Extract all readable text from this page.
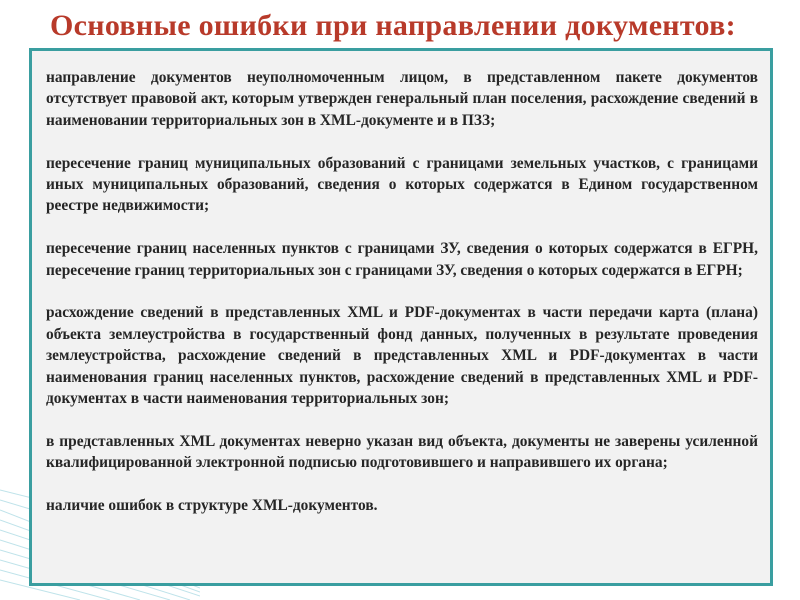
Основные ошибки при направлении документов:

направление документов неуполномоченным лицом, в представленном пакете документов отсутствует правовой акт, которым утвержден генеральный план поселения, расхождение сведений в наименовании территориальных зон в XML-документе и в ПЗЗ;

пересечение границ муниципальных образований с границами земельных участков, с границами иных муниципальных образований, сведения о которых содержатся в Едином государственном реестре недвижимости;

пересечение границ населенных пунктов с границами ЗУ, сведения о которых содержатся в ЕГРН, пересечение границ территориальных зон с границами ЗУ, сведения о которых содержатся в ЕГРН;

расхождение сведений в представленных XML и PDF-документах в части передачи карта (плана) объекта землеустройства в государственный фонд данных, полученных в результате проведения землеустройства, расхождение сведений в представленных XML и PDF-документах в части наименования границ населенных пунктов, расхождение сведений в представленных XML и PDF-документах в части наименования территориальных зон;

в представленных XML документах неверно указан вид объекта, документы не заверены усиленной квалифицированной электронной подписью подготовившего и направившего их органа;

наличие ошибок в структуре XML-документов.
